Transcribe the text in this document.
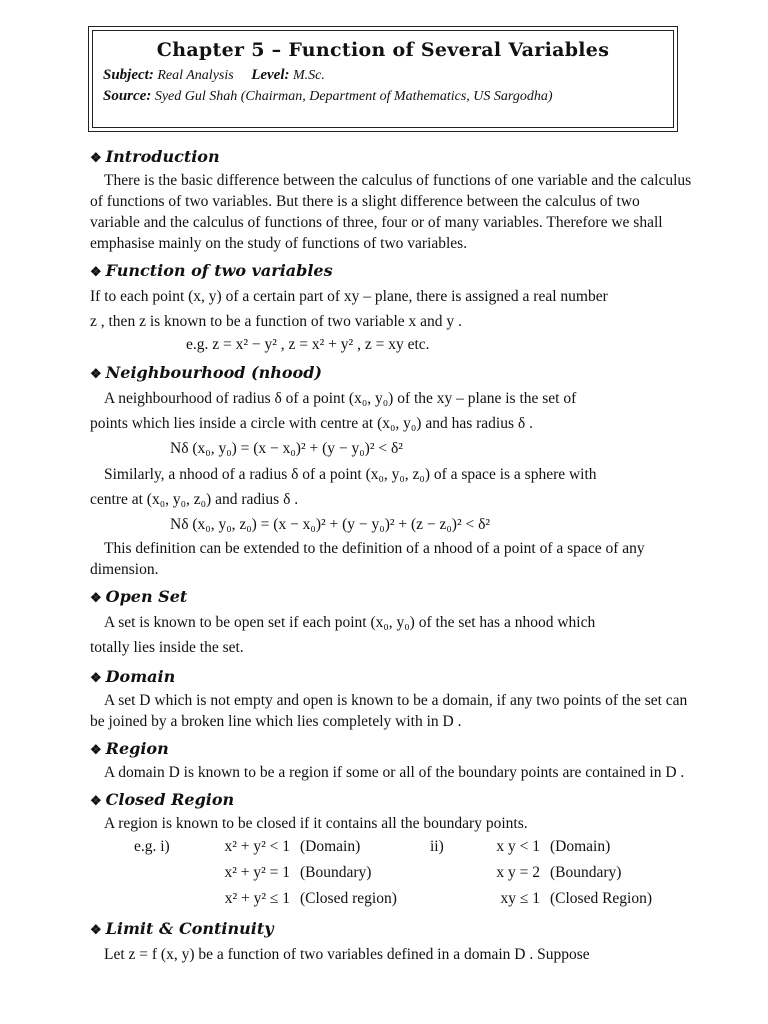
Chapter 5 – Function of Several Variables
Subject: Real Analysis Level: M.Sc.
Source: Syed Gul Shah (Chairman, Department of Mathematics, US Sargodha)

❖ Introduction

There is the basic difference between the calculus of functions of one variable and the calculus of functions of two variables. But there is a slight difference between the calculus of two variable and the calculus of functions of three, four or of many variables. Therefore we shall emphasise mainly on the study of functions of two variables.

❖ Function of two variables

If to each point (x, y) of a certain part of xy – plane, there is assigned a real number

z , then z is known to be a function of two variable x and y .

e.g. z = x² − y² , z = x² + y² , z = xy etc.

❖ Neighbourhood (nhood)

A neighbourhood of radius δ of a point (x₀, y₀) of the xy – plane is the set of

points which lies inside a circle with centre at (x₀, y₀) and has radius δ .

Nδ (x₀, y₀) = (x − x₀)² + (y − y₀)² < δ²

Similarly, a nhood of a radius δ of a point (x₀, y₀, z₀) of a space is a sphere with

centre at (x₀, y₀, z₀) and radius δ .

Nδ (x₀, y₀, z₀) = (x − x₀)² + (y − y₀)² + (z − z₀)² < δ²

This definition can be extended to the definition of a nhood of a point of a space of any dimension.

❖ Open Set

A set is known to be open set if each point (x₀, y₀) of the set has a nhood which

totally lies inside the set.

❖ Domain

A set D which is not empty and open is known to be a domain, if any two points of the set can be joined by a broken line which lies completely with in D .

❖ Region

A domain D is known to be a region if some or all of the boundary points are contained in D .

❖ Closed Region

A region is known to be closed if it contains all the boundary points.

e.g. i)	x² + y² < 1	(Domain)	ii)	x y < 1	(Domain)
	x² + y² = 1	(Boundary)		x y = 2	(Boundary)
	x² + y² ≤ 1	(Closed region)		xy ≤ 1	(Closed Region)

❖ Limit & Continuity

Let z = f (x, y) be a function of two variables defined in a domain D . Suppose
